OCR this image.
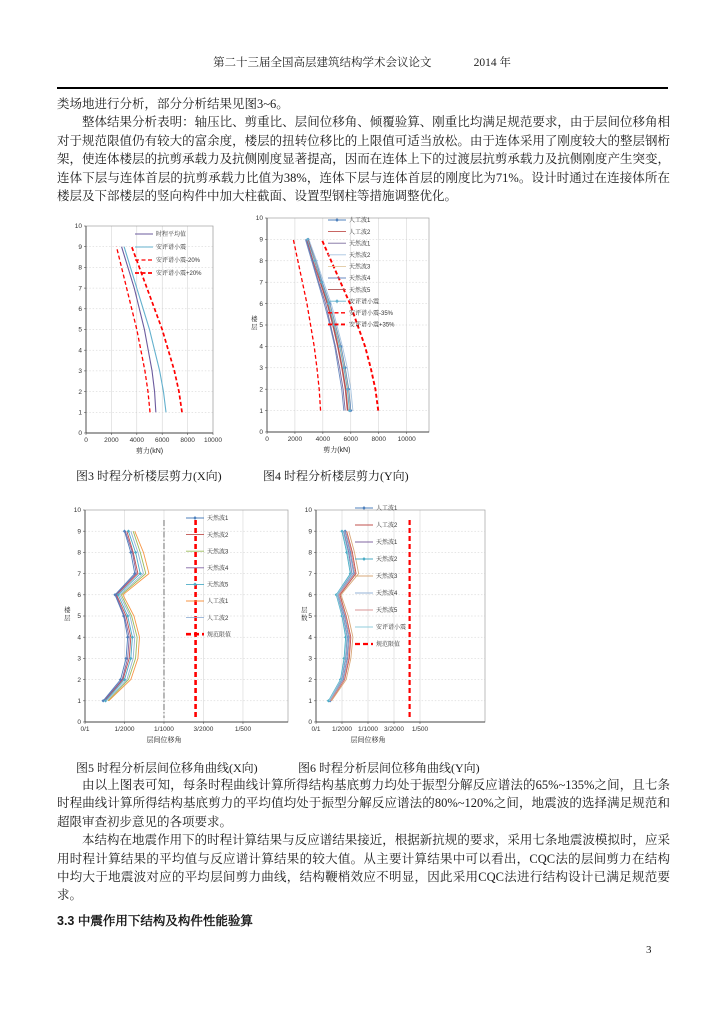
第二十三届全国高层建筑结构学术会议论文	2014 年

类场地进行分析，部分分析结果见图3~6。

整体结果分析表明：轴压比、剪重比、层间位移角、倾覆验算、刚重比均满足规范要求，由于层间位移角相对于规范限值仍有较大的富余度，楼层的扭转位移比的上限值可适当放松。由于连体采用了刚度较大的整层钢桁架，使连体楼层的抗剪承载力及抗侧刚度显著提高，因而在连体上下的过渡层抗剪承载力及抗侧刚度产生突变，连体下层与连体首层的抗剪承载力比值为38%，连体下层与连体首层的刚度比为71%。设计时通过在连接体所在楼层及下部楼层的竖向构件中加大柱截面、设置型钢柱等措施调整优化。

0
1
2
3
4
5
6
7
8
9
10
0	2000 4000 6000 8000 10000
剪力(kN)
时程平均值
安评谱小震
安评谱小震-20%
安评谱小震+20%
0
1
2
3
4
5
6
7
8
9
10
0	2000 4000 6000 8000 10000
剪力(kN)
楼
层
人工波1
人工波2
天然波1
天然波2
天然波3
天然波4
天然波5
安评谱小震
安评谱小震-35%
安评谱小震+35%
图3 时程分析楼层剪力(X向)	图4 时程分析楼层剪力(Y向)
0
1
2
3
4
5
6
7
8
9
10
0/1	1/2000	1/1000	3/2000	1/500
层间位移角
楼
层
天然波1
天然波2
天然波3
天然波4
天然波5
人工波1
人工波2
规范限值
0
1
2
3
4
5
6
7
8
9
10
0/1 1/2000 1/1000 3/2000 1/500
层间位移角
层
数
人工波1
人工波2
天然波1
天然波2
天然波3
天然波4
天然波5
安评谱小震
规范限值
图5 时程分析层间位移角曲线(X向)	图6 时程分析层间位移角曲线(Y向)

由以上图表可知，每条时程曲线计算所得结构基底剪力均处于振型分解反应谱法的65%~135%之间，且七条时程曲线计算所得结构基底剪力的平均值均处于振型分解反应谱法的80%~120%之间，地震波的选择满足规范和超限审查初步意见的各项要求。

本结构在地震作用下的时程计算结果与反应谱结果接近，根据新抗规的要求，采用七条地震波模拟时，应采用时程计算结果的平均值与反应谱计算结果的较大值。从主要计算结果中可以看出，CQC法的层间剪力在结构中均大于地震波对应的平均层间剪力曲线，结构鞭梢效应不明显，因此采用CQC法进行结构设计已满足规范要求。

3.3 中震作用下结构及构件性能验算

3
